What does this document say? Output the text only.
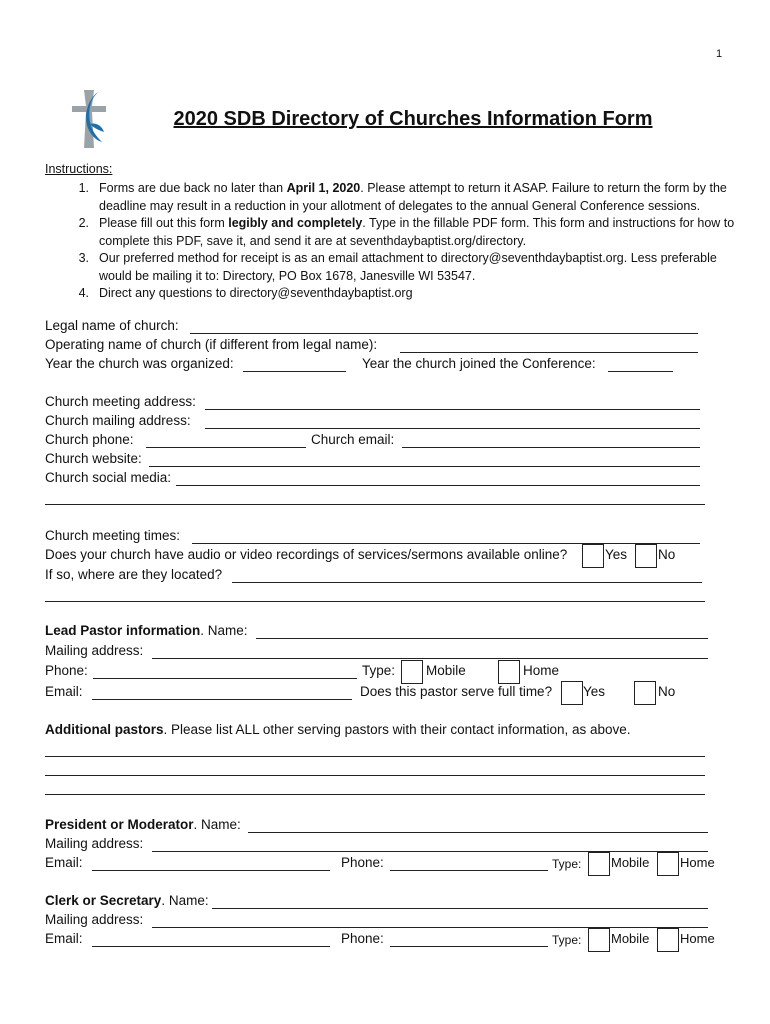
1
2020 SDB Directory of Churches Information Form
Instructions:
1. Forms are due back no later than April 1, 2020. Please attempt to return it ASAP. Failure to return the form by the deadline may result in a reduction in your allotment of delegates to the annual General Conference sessions.
2. Please fill out this form legibly and completely. Type in the fillable PDF form. This form and instructions for how to complete this PDF, save it, and send it are at seventhdaybaptist.org/directory.
3. Our preferred method for receipt is as an email attachment to directory@seventhdaybaptist.org. Less preferable would be mailing it to: Directory, PO Box 1678, Janesville WI 53547.
4. Direct any questions to directory@seventhdaybaptist.org
Legal name of church:
Operating name of church (if different from legal name):
Year the church was organized:	Year the church joined the Conference:
Church meeting address:
Church mailing address:
Church phone:	Church email:
Church website:
Church social media:
Church meeting times:
Does your church have audio or video recordings of services/sermons available online?	Yes No
If so, where are they located?
Lead Pastor information. Name:
Mailing address:
Phone:	Type: Mobile	Home
Email:	Does this pastor serve full time? Yes	No
Additional pastors. Please list ALL other serving pastors with their contact information, as above.
President or Moderator. Name:
Mailing address:
Email:	Phone:	Type: Mobile Home
Clerk or Secretary. Name:
Mailing address:
Email:	Phone:	Type: Mobile Home
